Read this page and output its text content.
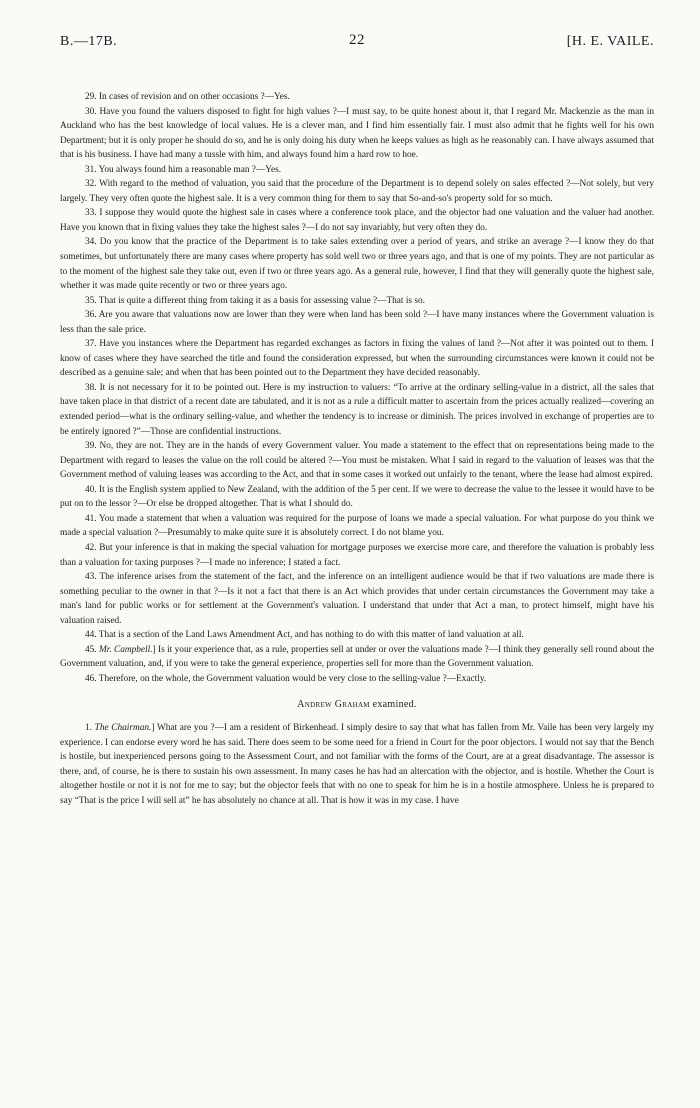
B.—17B.	22	[H. E. VAILE.

29. In cases of revision and on other occasions ?—Yes.

30. Have you found the valuers disposed to fight for high values ?—I must say, to be quite honest about it, that I regard Mr. Mackenzie as the man in Auckland who has the best knowledge of local values. He is a clever man, and I find him essentially fair. I must also admit that he fights well for his own Department; but it is only proper he should do so, and he is only doing his duty when he keeps values as high as he reasonably can. I have always assumed that that is his business. I have had many a tussle with him, and always found him a hard row to hoe.

31. You always found him a reasonable man ?—Yes.

32. With regard to the method of valuation, you said that the procedure of the Department is to depend solely on sales effected ?—Not solely, but very largely. They very often quote the highest sale. It is a very common thing for them to say that So-and-so's property sold for so much.

33. I suppose they would quote the highest sale in cases where a conference took place, and the objector had one valuation and the valuer had another. Have you known that in fixing values they take the highest sales ?—I do not say invariably, but very often they do.

34. Do you know that the practice of the Department is to take sales extending over a period of years, and strike an average ?—I know they do that sometimes, but unfortunately there are many cases where property has sold well two or three years ago, and that is one of my points. They are not particular as to the moment of the highest sale they take out, even if two or three years ago. As a general rule, however, I find that they will generally quote the highest sale, whether it was made quite recently or two or three years ago.

35. That is quite a different thing from taking it as a basis for assessing value ?—That is so.

36. Are you aware that valuations now are lower than they were when land has been sold ?—I have many instances where the Government valuation is less than the sale price.

37. Have you instances where the Department has regarded exchanges as factors in fixing the values of land ?—Not after it was pointed out to them. I know of cases where they have searched the title and found the consideration expressed, but when the surrounding circumstances were known it could not be described as a genuine sale; and when that has been pointed out to the Department they have decided reasonably.

38. It is not necessary for it to be pointed out. Here is my instruction to valuers: “To arrive at the ordinary selling-value in a district, all the sales that have taken place in that district of a recent date are tabulated, and it is not as a rule a difficult matter to ascertain from the prices actually realized—covering an extended period—what is the ordinary selling-value, and whether the tendency is to increase or diminish. The prices involved in exchange of properties are to be entirely ignored ?”—Those are confidential instructions.

39. No, they are not. They are in the hands of every Government valuer. You made a statement to the effect that on representations being made to the Department with regard to leases the value on the roll could be altered ?—You must be mistaken. What I said in regard to the valuation of leases was that the Government method of valuing leases was according to the Act, and that in some cases it worked out unfairly to the tenant, where the lease had almost expired.

40. It is the English system applied to New Zealand, with the addition of the 5 per cent. If we were to decrease the value to the lessee it would have to be put on to the lessor ?—Or else be dropped altogether. That is what I should do.

41. You made a statement that when a valuation was required for the purpose of loans we made a special valuation. For what purpose do you think we made a special valuation ?—Presumably to make quite sure it is absolutely correct. I do not blame you.

42. But your inference is that in making the special valuation for mortgage purposes we exercise more care, and therefore the valuation is probably less than a valuation for taxing purposes ?—I made no inference; I stated a fact.

43. The inference arises from the statement of the fact, and the inference on an intelligent audience would be that if two valuations are made there is something peculiar to the owner in that ?—Is it not a fact that there is an Act which provides that under certain circumstances the Government may take a man's land for public works or for settlement at the Government's valuation. I understand that under that Act a man, to protect himself, might have his valuation raised.

44. That is a section of the Land Laws Amendment Act, and has nothing to do with this matter of land valuation at all.

45. Mr. Campbell.] Is it your experience that, as a rule, properties sell at under or over the valuations made ?—I think they generally sell round about the Government valuation, and, if you were to take the general experience, properties sell for more than the Government valuation.

46. Therefore, on the whole, the Government valuation would be very close to the selling-value ?—Exactly.

Andrew Graham examined.

1. The Chairman.] What are you ?—I am a resident of Birkenhead. I simply desire to say that what has fallen from Mr. Vaile has been very largely my experience. I can endorse every word he has said. There does seem to be some need for a friend in Court for the poor objectors. I would not say that the Bench is hostile, but inexperienced persons going to the Assessment Court, and not familiar with the forms of the Court, are at a great disadvantage. The assessor is there, and, of course, he is there to sustain his own assessment. In many cases he has had an altercation with the objector, and is hostile. Whether the Court is altogether hostile or not it is not for me to say; but the objector feels that with no one to speak for him he is in a hostile atmosphere. Unless he is prepared to say “That is the price I will sell at” he has absolutely no chance at all. That is how it was in my case. I have
